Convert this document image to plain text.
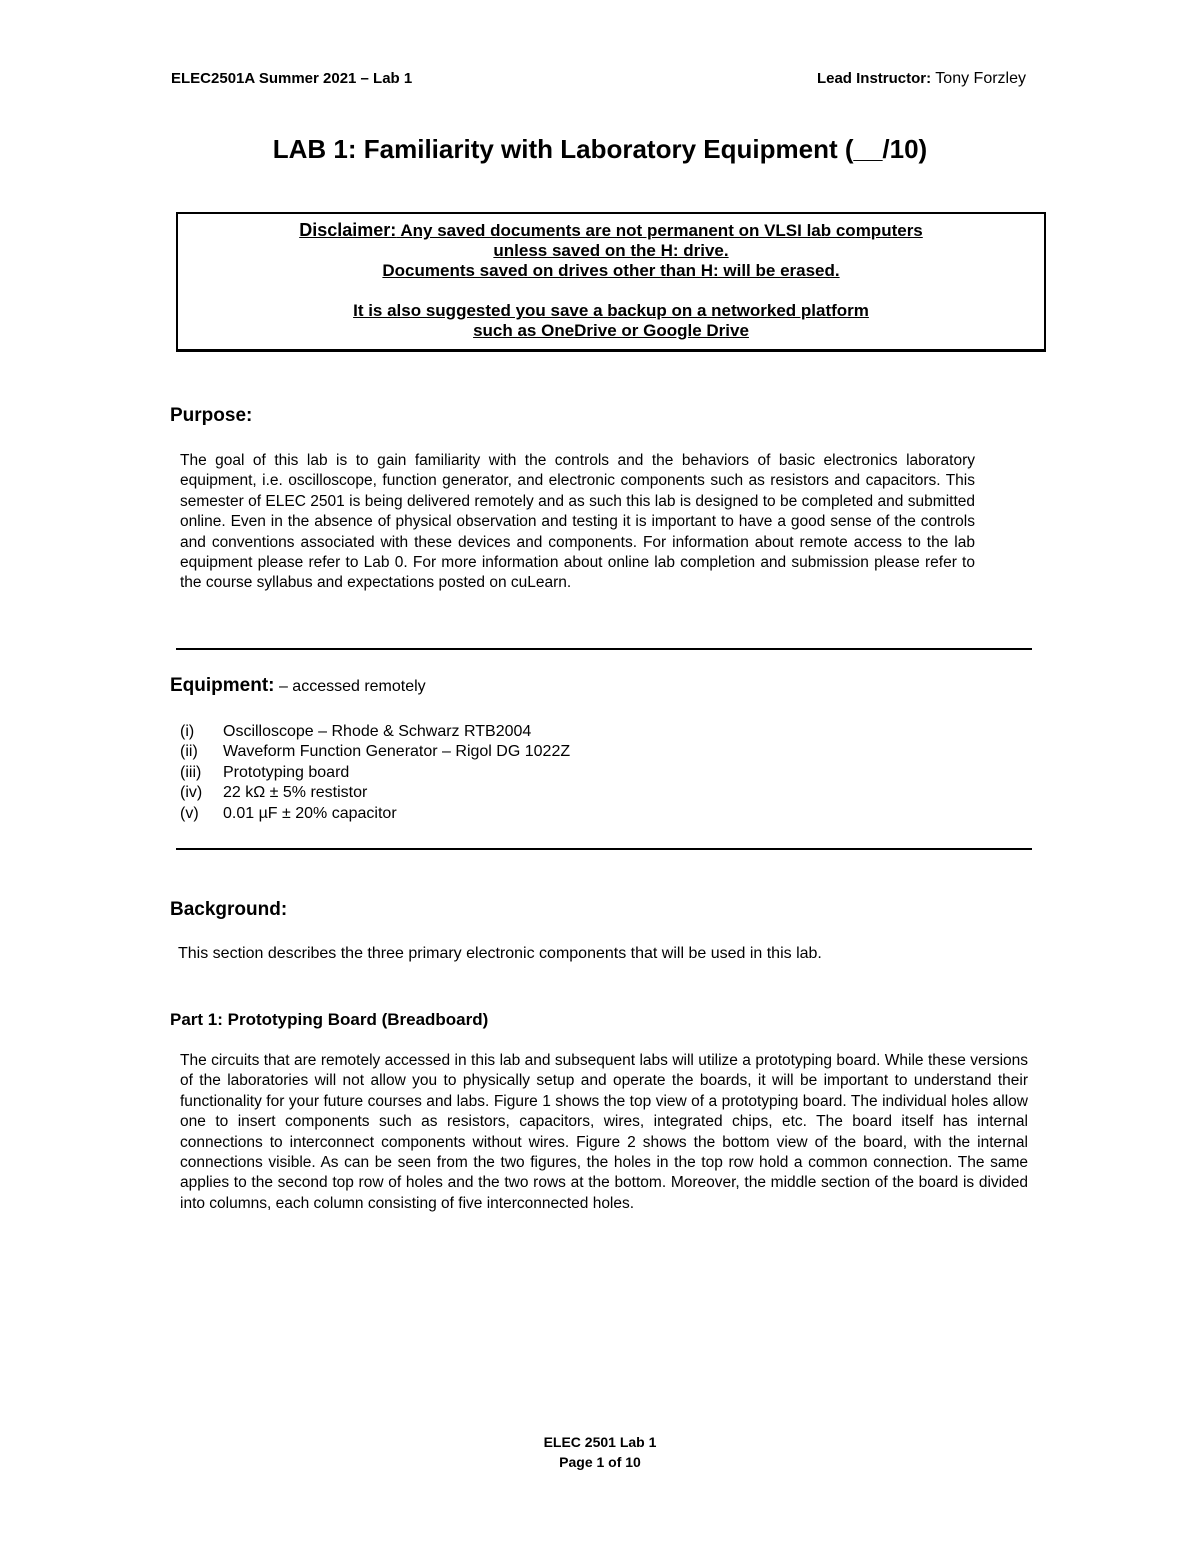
ELEC2501A Summer 2021 – Lab 1	Lead Instructor: Tony Forzley
LAB 1: Familiarity with Laboratory Equipment (__/10)
Disclaimer: Any saved documents are not permanent on VLSI lab computers
unless saved on the H: drive.
Documents saved on drives other than H: will be erased.
It is also suggested you save a backup on a networked platform
such as OneDrive or Google Drive
Purpose:
The goal of this lab is to gain familiarity with the controls and the behaviors of basic electronics laboratory equipment, i.e. oscilloscope, function generator, and electronic components such as resistors and capacitors. This semester of ELEC 2501 is being delivered remotely and as such this lab is designed to be completed and submitted online. Even in the absence of physical observation and testing it is important to have a good sense of the controls and conventions associated with these devices and components. For information about remote access to the lab equipment please refer to Lab 0. For more information about online lab completion and submission please refer to the course syllabus and expectations posted on cuLearn.
Equipment: – accessed remotely
(i)	Oscilloscope – Rhode & Schwarz RTB2004
(ii)	Waveform Function Generator – Rigol DG 1022Z
(iii)	Prototyping board
(iv)	22 kΩ ± 5% restistor
(v)	0.01 µF ± 20% capacitor
Background:
This section describes the three primary electronic components that will be used in this lab.
Part 1: Prototyping Board (Breadboard)
The circuits that are remotely accessed in this lab and subsequent labs will utilize a prototyping board. While these versions of the laboratories will not allow you to physically setup and operate the boards, it will be important to understand their functionality for your future courses and labs. Figure 1 shows the top view of a prototyping board. The individual holes allow one to insert components such as resistors, capacitors, wires, integrated chips, etc. The board itself has internal connections to interconnect components without wires. Figure 2 shows the bottom view of the board, with the internal connections visible. As can be seen from the two figures, the holes in the top row hold a common connection. The same applies to the second top row of holes and the two rows at the bottom. Moreover, the middle section of the board is divided into columns, each column consisting of five interconnected holes.
ELEC 2501 Lab 1
Page 1 of 10
